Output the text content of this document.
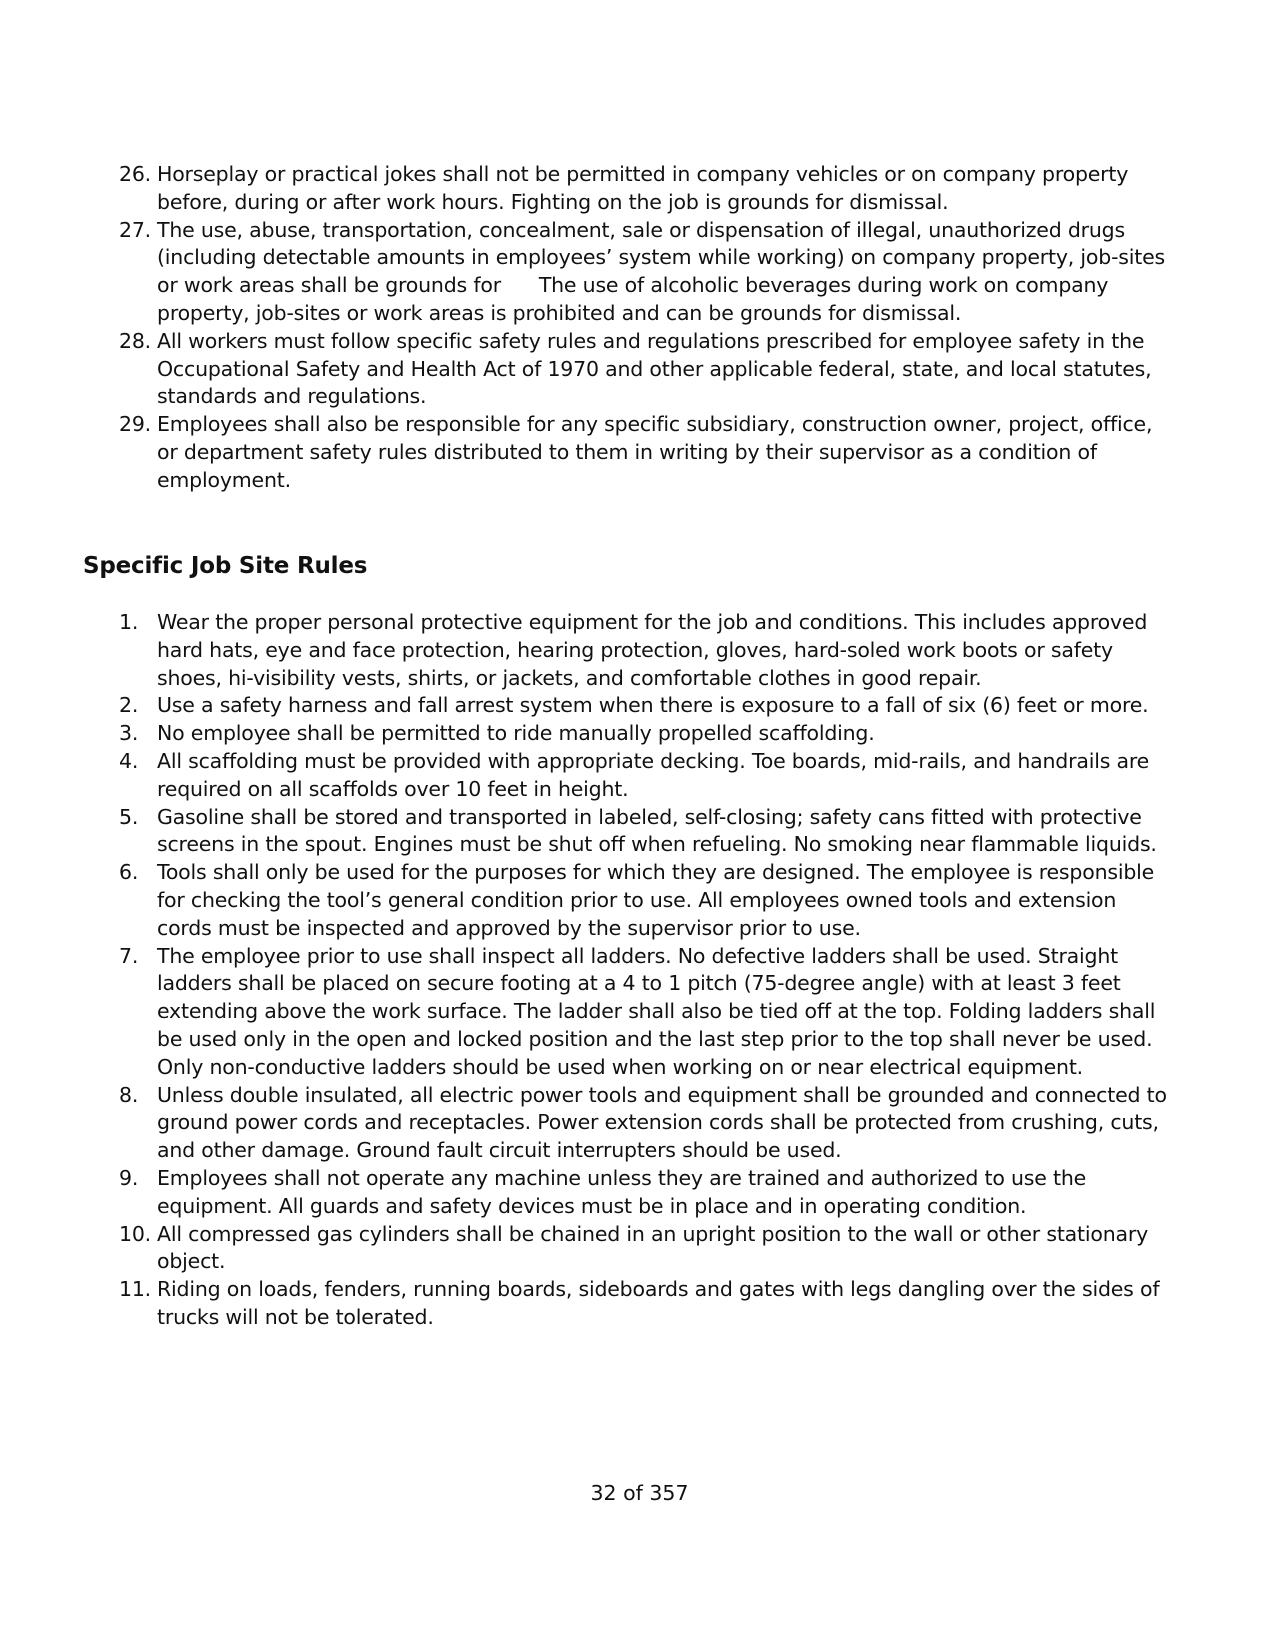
26. Horseplay or practical jokes shall not be permitted in company vehicles or on company property before, during or after work hours. Fighting on the job is grounds for dismissal.
27. The use, abuse, transportation, concealment, sale or dispensation of illegal, unauthorized drugs (including detectable amounts in employees’ system while working) on company property, job-sites or work areas shall be grounds for      The use of alcoholic beverages during work on company property, job-sites or work areas is prohibited and can be grounds for dismissal.
28. All workers must follow specific safety rules and regulations prescribed for employee safety in the Occupational Safety and Health Act of 1970 and other applicable federal, state, and local statutes, standards and regulations.
29. Employees shall also be responsible for any specific subsidiary, construction owner, project, office, or department safety rules distributed to them in writing by their supervisor as a condition of employment.
Specific Job Site Rules
1. Wear the proper personal protective equipment for the job and conditions. This includes approved hard hats, eye and face protection, hearing protection, gloves, hard-soled work boots or safety shoes, hi-visibility vests, shirts, or jackets, and comfortable clothes in good repair.
2. Use a safety harness and fall arrest system when there is exposure to a fall of six (6) feet or more.
3. No employee shall be permitted to ride manually propelled scaffolding.
4. All scaffolding must be provided with appropriate decking. Toe boards, mid-rails, and handrails are required on all scaffolds over 10 feet in height.
5. Gasoline shall be stored and transported in labeled, self-closing; safety cans fitted with protective screens in the spout. Engines must be shut off when refueling. No smoking near flammable liquids.
6. Tools shall only be used for the purposes for which they are designed. The employee is responsible for checking the tool’s general condition prior to use. All employees owned tools and extension cords must be inspected and approved by the supervisor prior to use.
7. The employee prior to use shall inspect all ladders. No defective ladders shall be used. Straight ladders shall be placed on secure footing at a 4 to 1 pitch (75-degree angle) with at least 3 feet extending above the work surface. The ladder shall also be tied off at the top. Folding ladders shall be used only in the open and locked position and the last step prior to the top shall never be used. Only non-conductive ladders should be used when working on or near electrical equipment.
8. Unless double insulated, all electric power tools and equipment shall be grounded and connected to ground power cords and receptacles. Power extension cords shall be protected from crushing, cuts, and other damage. Ground fault circuit interrupters should be used.
9. Employees shall not operate any machine unless they are trained and authorized to use the equipment. All guards and safety devices must be in place and in operating condition.
10. All compressed gas cylinders shall be chained in an upright position to the wall or other stationary object.
11. Riding on loads, fenders, running boards, sideboards and gates with legs dangling over the sides of trucks will not be tolerated.
32 of 357
